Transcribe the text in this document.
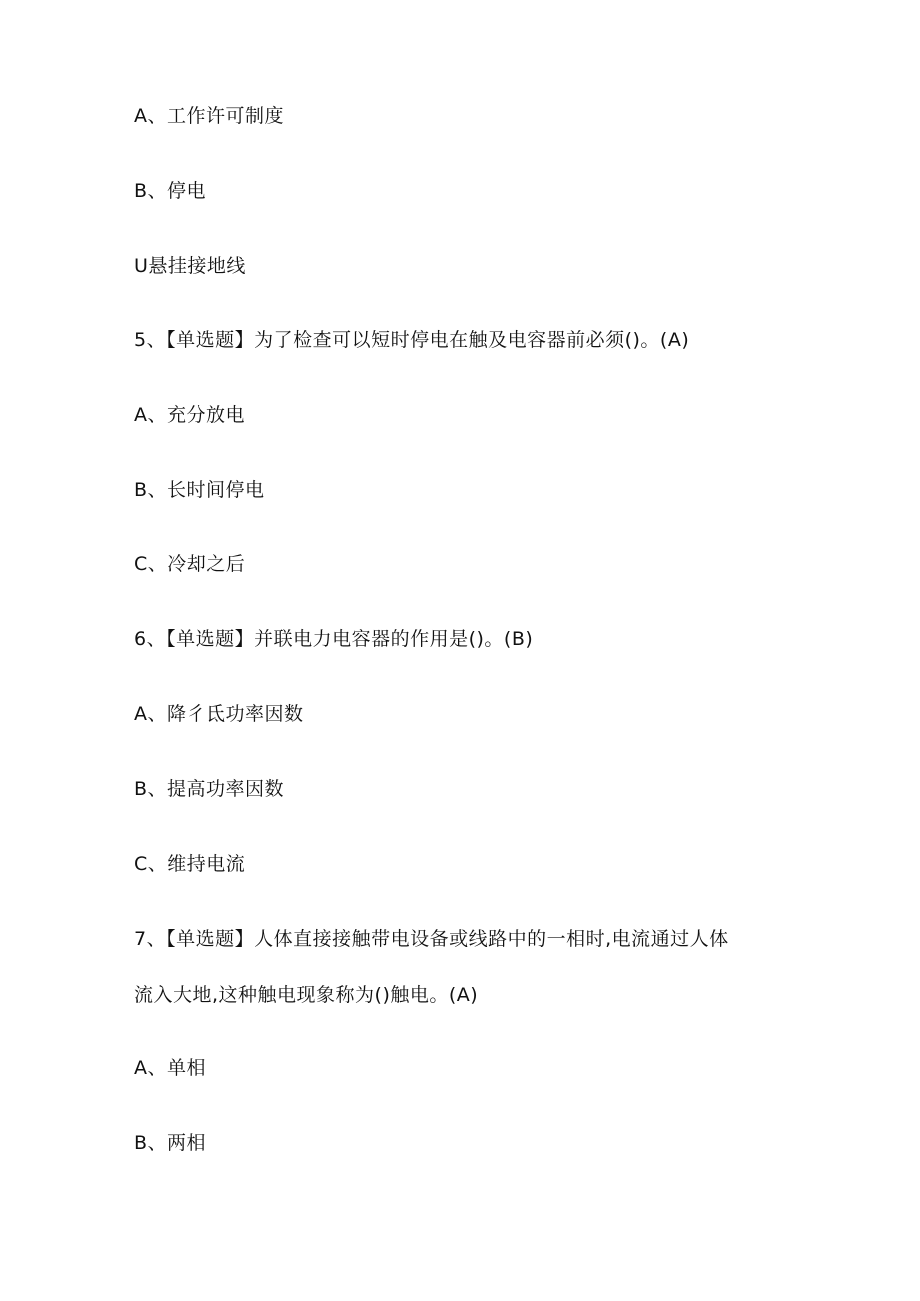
A、工作许可制度
B、停电
U悬挂接地线
5、【单选题】为了检查可以短时停电在触及电容器前必须()。(A)
A、充分放电
B、长时间停电
C、冷却之后
6、【单选题】并联电力电容器的作用是()。(B)
A、降彳氐功率因数
B、提高功率因数
C、维持电流
7、【单选题】人体直接接触带电设备或线路中的一相时,电流通过人体
流入大地,这种触电现象称为()触电。(A)
A、单相
B、两相
